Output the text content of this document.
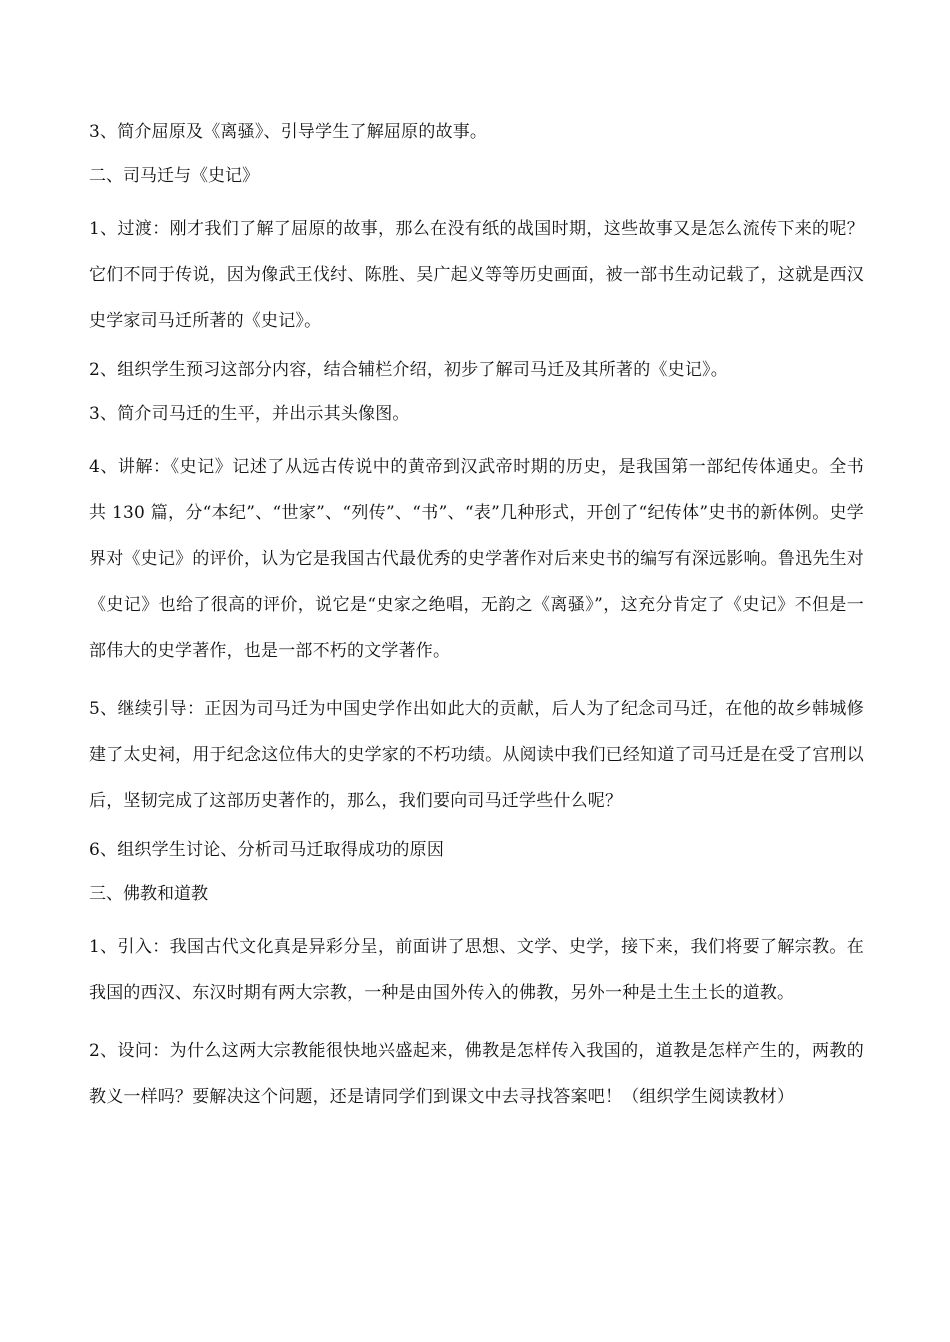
3、简介屈原及《离骚》、引导学生了解屈原的故事。

二、司马迁与《史记》

1、过渡：刚才我们了解了屈原的故事，那么在没有纸的战国时期，这些故事又是怎么流传下来的呢？它们不同于传说，因为像武王伐纣、陈胜、吴广起义等等历史画面，被一部书生动记载了，这就是西汉史学家司马迁所著的《史记》。

2、组织学生预习这部分内容，结合辅栏介绍，初步了解司马迁及其所著的《史记》。

3、简介司马迁的生平，并出示其头像图。

4、讲解：《史记》记述了从远古传说中的黄帝到汉武帝时期的历史，是我国第一部纪传体通史。全书共 130 篇，分“本纪”、“世家”、“列传”、“书”、“表”几种形式，开创了“纪传体”史书的新体例。史学界对《史记》的评价，认为它是我国古代最优秀的史学著作对后来史书的编写有深远影响。鲁迅先生对《史记》也给了很高的评价，说它是“史家之绝唱，无韵之《离骚》”，这充分肯定了《史记》不但是一部伟大的史学著作，也是一部不朽的文学著作。

5、继续引导：正因为司马迁为中国史学作出如此大的贡献，后人为了纪念司马迁，在他的故乡韩城修建了太史祠，用于纪念这位伟大的史学家的不朽功绩。从阅读中我们已经知道了司马迁是在受了宫刑以后，坚韧完成了这部历史著作的，那么，我们要向司马迁学些什么呢？

6、组织学生讨论、分析司马迁取得成功的原因

三、佛教和道教

1、引入：我国古代文化真是异彩分呈，前面讲了思想、文学、史学，接下来，我们将要了解宗教。在我国的西汉、东汉时期有两大宗教，一种是由国外传入的佛教，另外一种是土生土长的道教。

2、设问：为什么这两大宗教能很快地兴盛起来，佛教是怎样传入我国的，道教是怎样产生的，两教的教义一样吗？要解决这个问题，还是请同学们到课文中去寻找答案吧！（组织学生阅读教材）
